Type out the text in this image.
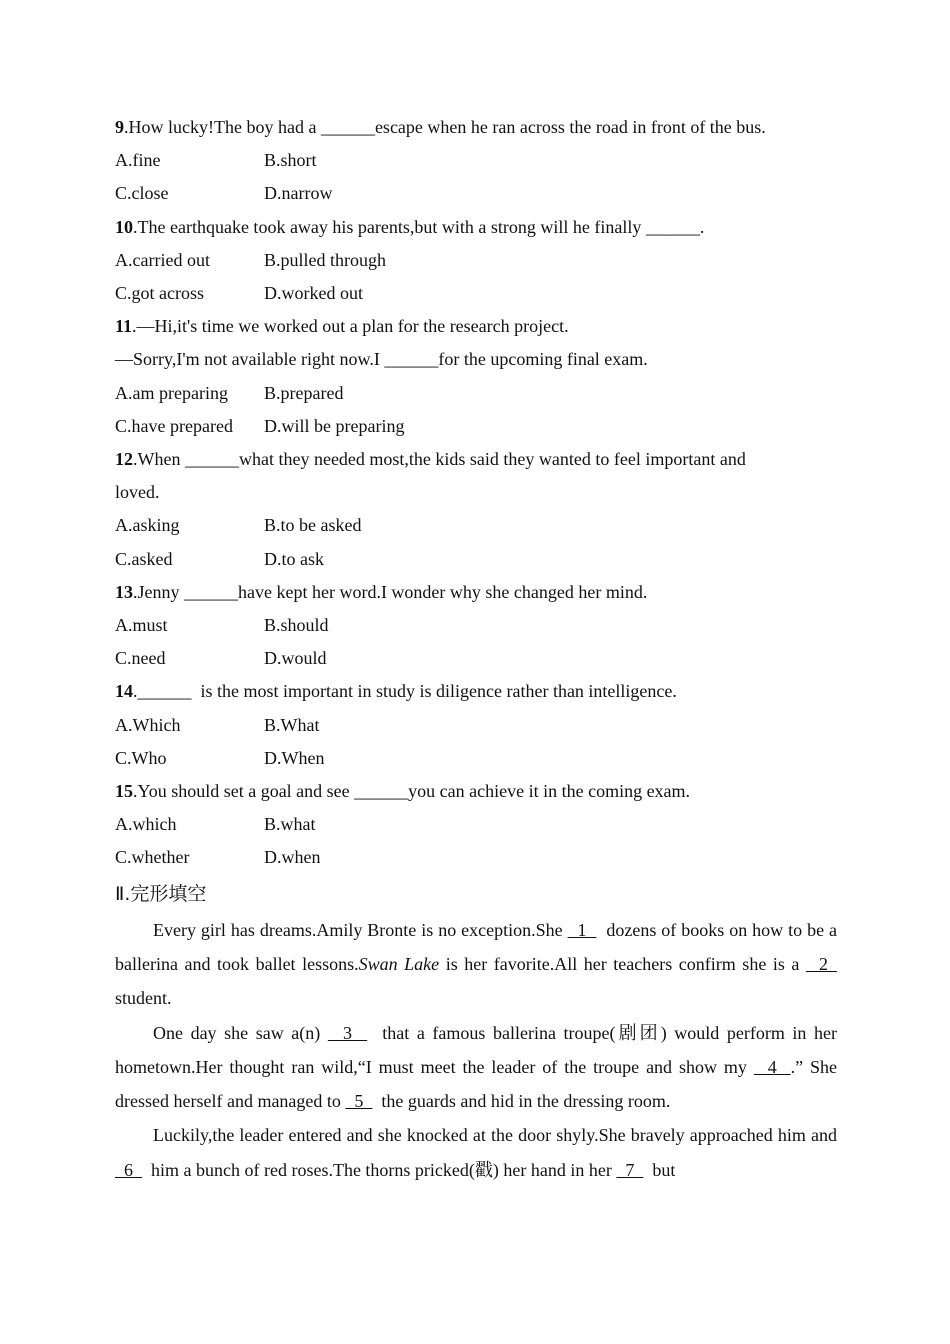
9.How lucky!The boy had a ______escape when he ran across the road in front of the bus.
A.fine	B.short
C.close	D.narrow
10.The earthquake took away his parents,but with a strong will he finally ______.
A.carried out	B.pulled through
C.got across	D.worked out
11.—Hi,it's time we worked out a plan for the research project.
—Sorry,I'm not available right now.I ______for the upcoming final exam.
A.am preparing	B.prepared
C.have prepared	D.will be preparing
12.When ______what they needed most,the kids said they wanted to feel important and
loved.
A.asking	B.to be asked
C.asked	D.to ask
13.Jenny ______have kept her word.I wonder why she changed her mind.
A.must	B.should
C.need	D.would
14.______  is the most important in study is diligence rather than intelligence.
A.Which	B.What
C.Who	D.When
15.You should set a goal and see ______you can achieve it in the coming exam.
A.which	B.what
C.whether	D.when
Ⅱ.完形填空

Every girl has dreams.Amily Bronte is no exception.She   1    dozens of books on how to be a ballerina and took ballet lessons.Swan Lake is her favorite.All her teachers confirm she is a   2    student.

One day she saw a(n)   3    that a famous ballerina troupe(剧团) would perform in her hometown.Her thought ran wild,“I must meet the leader of the troupe and show my   4  .” She dressed herself and managed to   5    the guards and hid in the dressing room.

Luckily,the leader entered and she knocked at the door shyly.She bravely approached him and   6    him a bunch of red roses.The thorns pricked(戳) her hand in her   7    but
